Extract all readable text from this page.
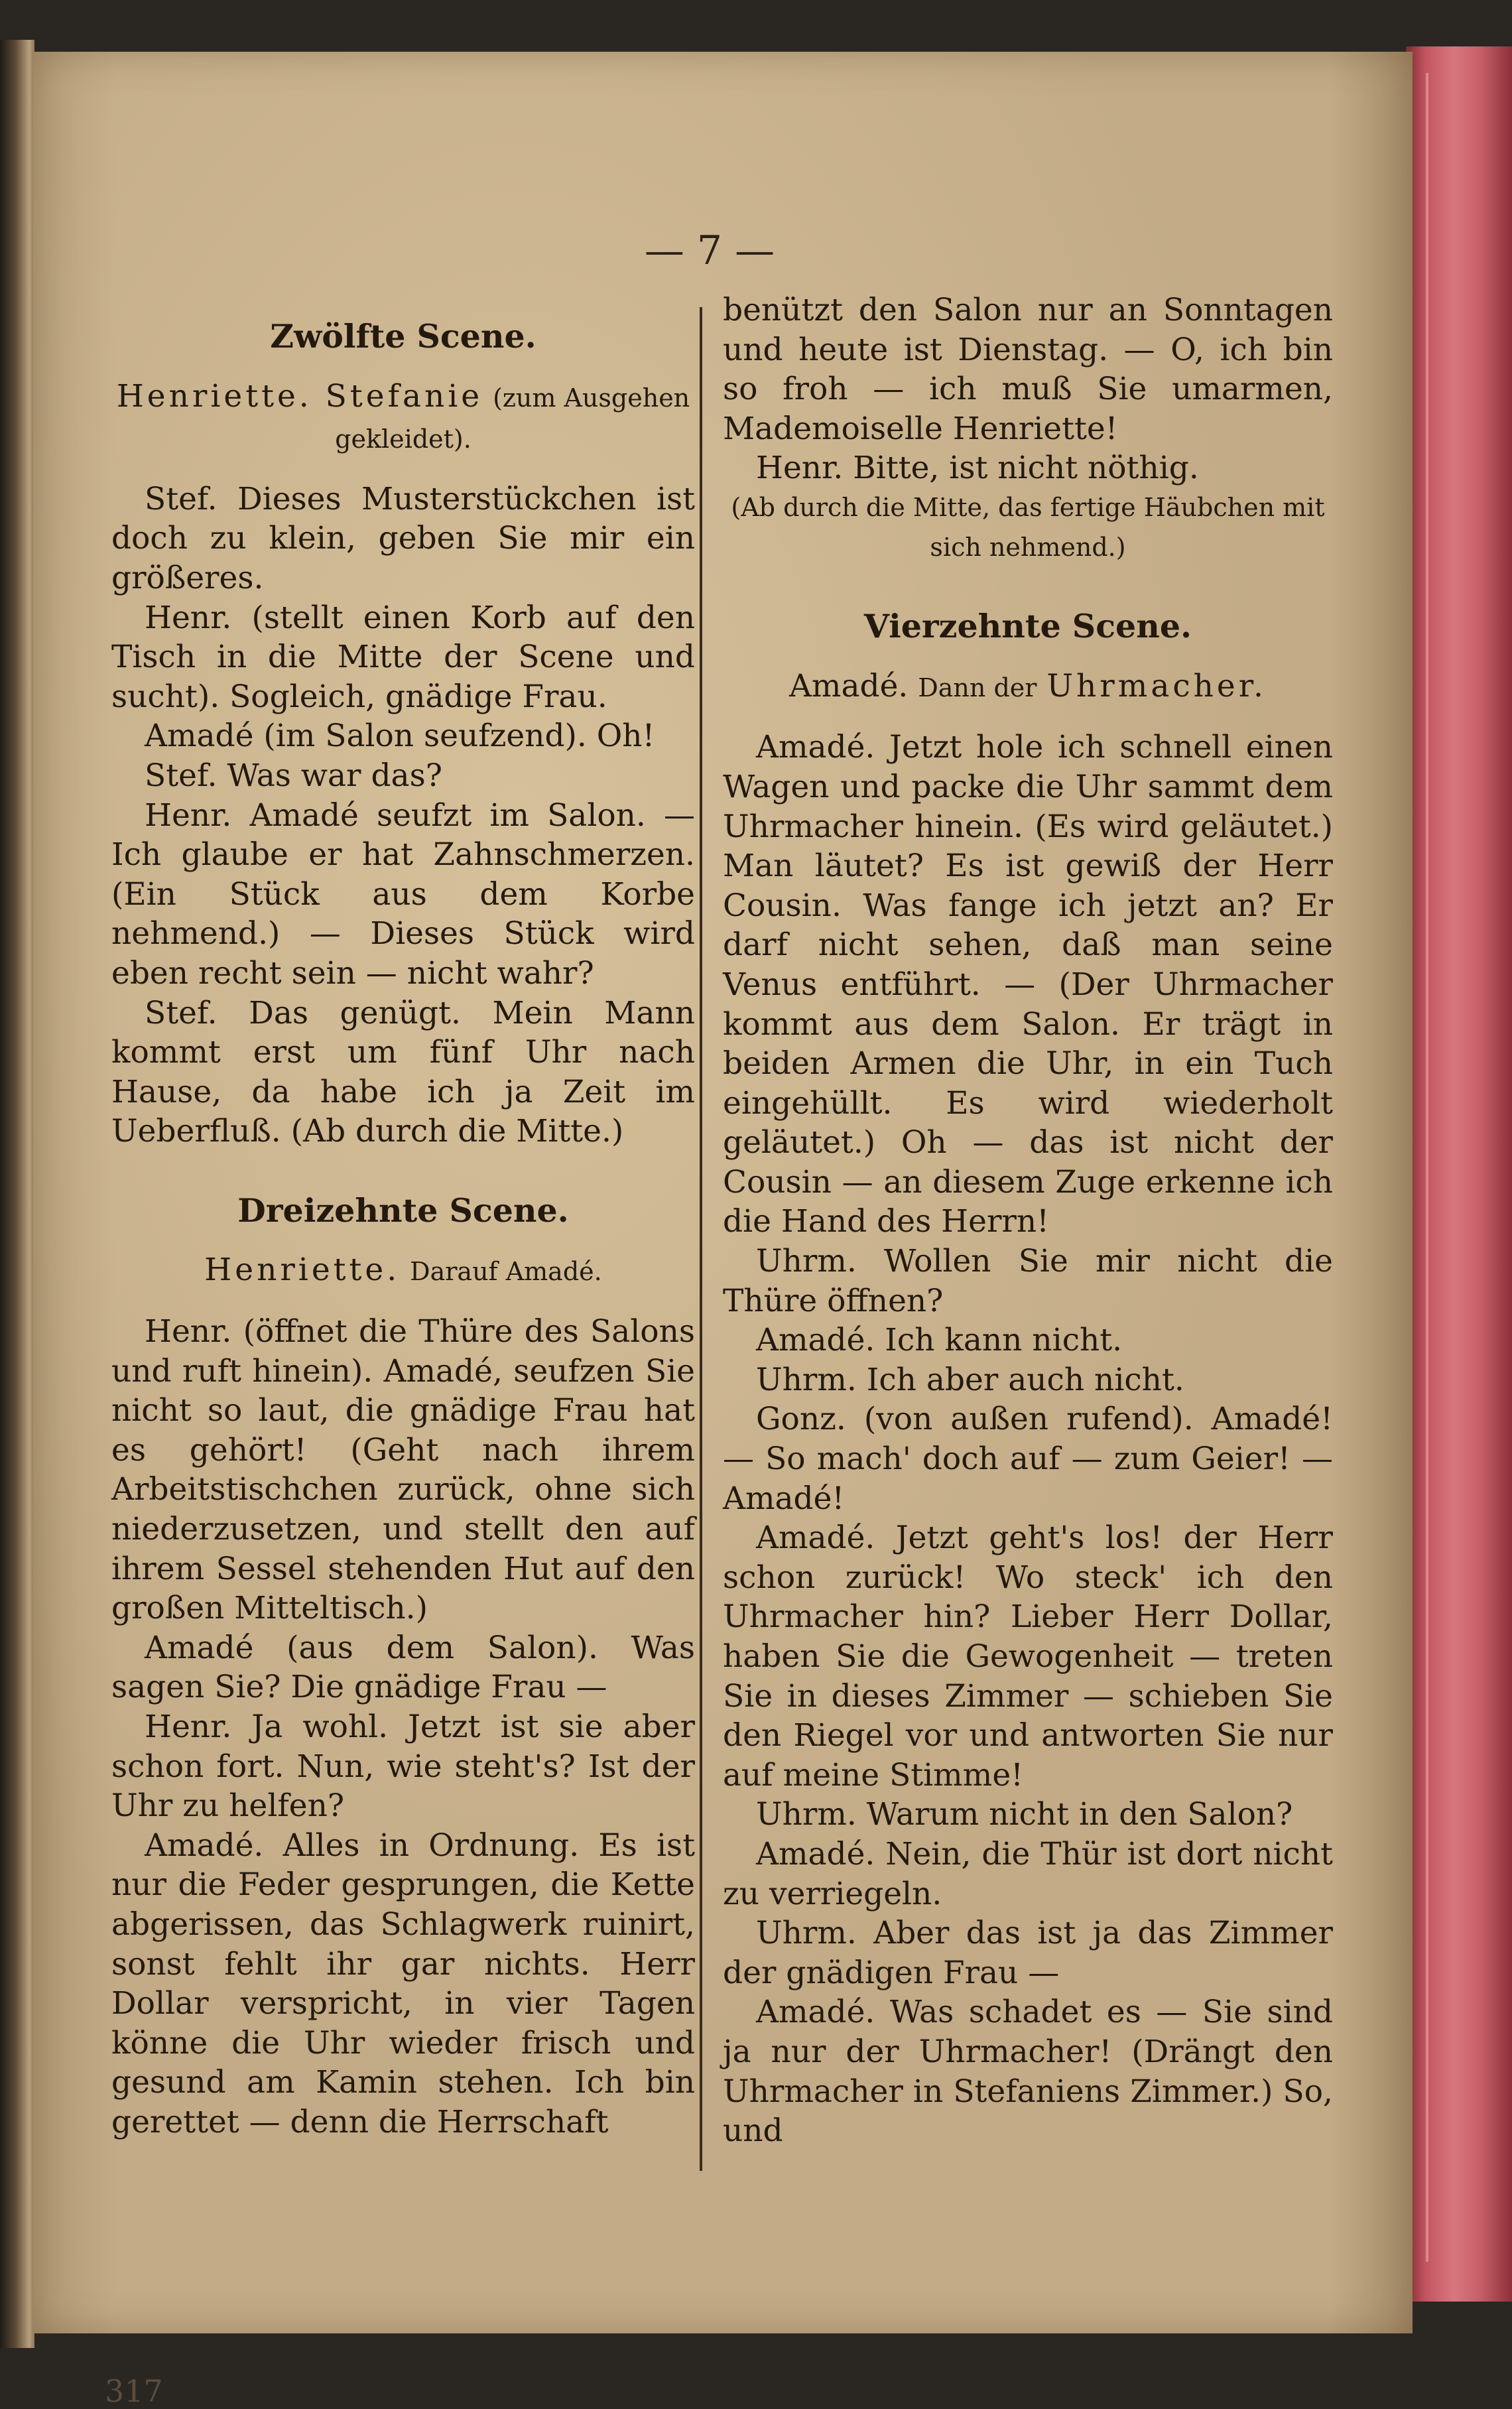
— 7 —

Zwölfte Scene.

Henriette. Stefanie (zum Ausgehen gekleidet).

Stef. Dieses Musterstückchen ist doch zu klein, geben Sie mir ein größeres.

Henr. (stellt einen Korb auf den Tisch in die Mitte der Scene und sucht). Sogleich, gnädige Frau.

Amadé (im Salon seufzend). Oh!

Stef. Was war das?

Henr. Amadé seufzt im Salon. — Ich glaube er hat Zahnschmerzen. (Ein Stück aus dem Korbe nehmend.) — Dieses Stück wird eben recht sein — nicht wahr?

Stef. Das genügt. Mein Mann kommt erst um fünf Uhr nach Hause, da habe ich ja Zeit im Ueberfluß. (Ab durch die Mitte.)

Dreizehnte Scene.

Henriette. Darauf Amadé.

Henr. (öffnet die Thüre des Salons und ruft hinein). Amadé, seufzen Sie nicht so laut, die gnädige Frau hat es gehört! (Geht nach ihrem Arbeitstischchen zurück, ohne sich niederzusetzen, und stellt den auf ihrem Sessel stehenden Hut auf den großen Mitteltisch.)

Amadé (aus dem Salon). Was sagen Sie? Die gnädige Frau —

Henr. Ja wohl. Jetzt ist sie aber schon fort. Nun, wie steht's? Ist der Uhr zu helfen?

Amadé. Alles in Ordnung. Es ist nur die Feder gesprungen, die Kette abgerissen, das Schlagwerk ruinirt, sonst fehlt ihr gar nichts. Herr Dollar verspricht, in vier Tagen könne die Uhr wieder frisch und gesund am Kamin stehen. Ich bin gerettet — denn die Herrschaft

benützt den Salon nur an Sonntagen und heute ist Dienstag. — O, ich bin so froh — ich muß Sie umarmen, Mademoiselle Henriette!

Henr. Bitte, ist nicht nöthig.

(Ab durch die Mitte, das fertige Häubchen mit sich nehmend.)

Vierzehnte Scene.

Amadé. Dann der Uhrmacher.

Amadé. Jetzt hole ich schnell einen Wagen und packe die Uhr sammt dem Uhrmacher hinein. (Es wird geläutet.) Man läutet? Es ist gewiß der Herr Cousin. Was fange ich jetzt an? Er darf nicht sehen, daß man seine Venus entführt. — (Der Uhrmacher kommt aus dem Salon. Er trägt in beiden Armen die Uhr, in ein Tuch eingehüllt. Es wird wiederholt geläutet.) Oh — das ist nicht der Cousin — an diesem Zuge erkenne ich die Hand des Herrn!

Uhrm. Wollen Sie mir nicht die Thüre öffnen?

Amadé. Ich kann nicht.

Uhrm. Ich aber auch nicht.

Gonz. (von außen rufend). Amadé! — So mach' doch auf — zum Geier! — Amadé!

Amadé. Jetzt geht's los! der Herr schon zurück! Wo steck' ich den Uhrmacher hin? Lieber Herr Dollar, haben Sie die Gewogenheit — treten Sie in dieses Zimmer — schieben Sie den Riegel vor und antworten Sie nur auf meine Stimme!

Uhrm. Warum nicht in den Salon?

Amadé. Nein, die Thür ist dort nicht zu verriegeln.

Uhrm. Aber das ist ja das Zimmer der gnädigen Frau —

Amadé. Was schadet es — Sie sind ja nur der Uhrmacher! (Drängt den Uhrmacher in Stefaniens Zimmer.) So, und

317
